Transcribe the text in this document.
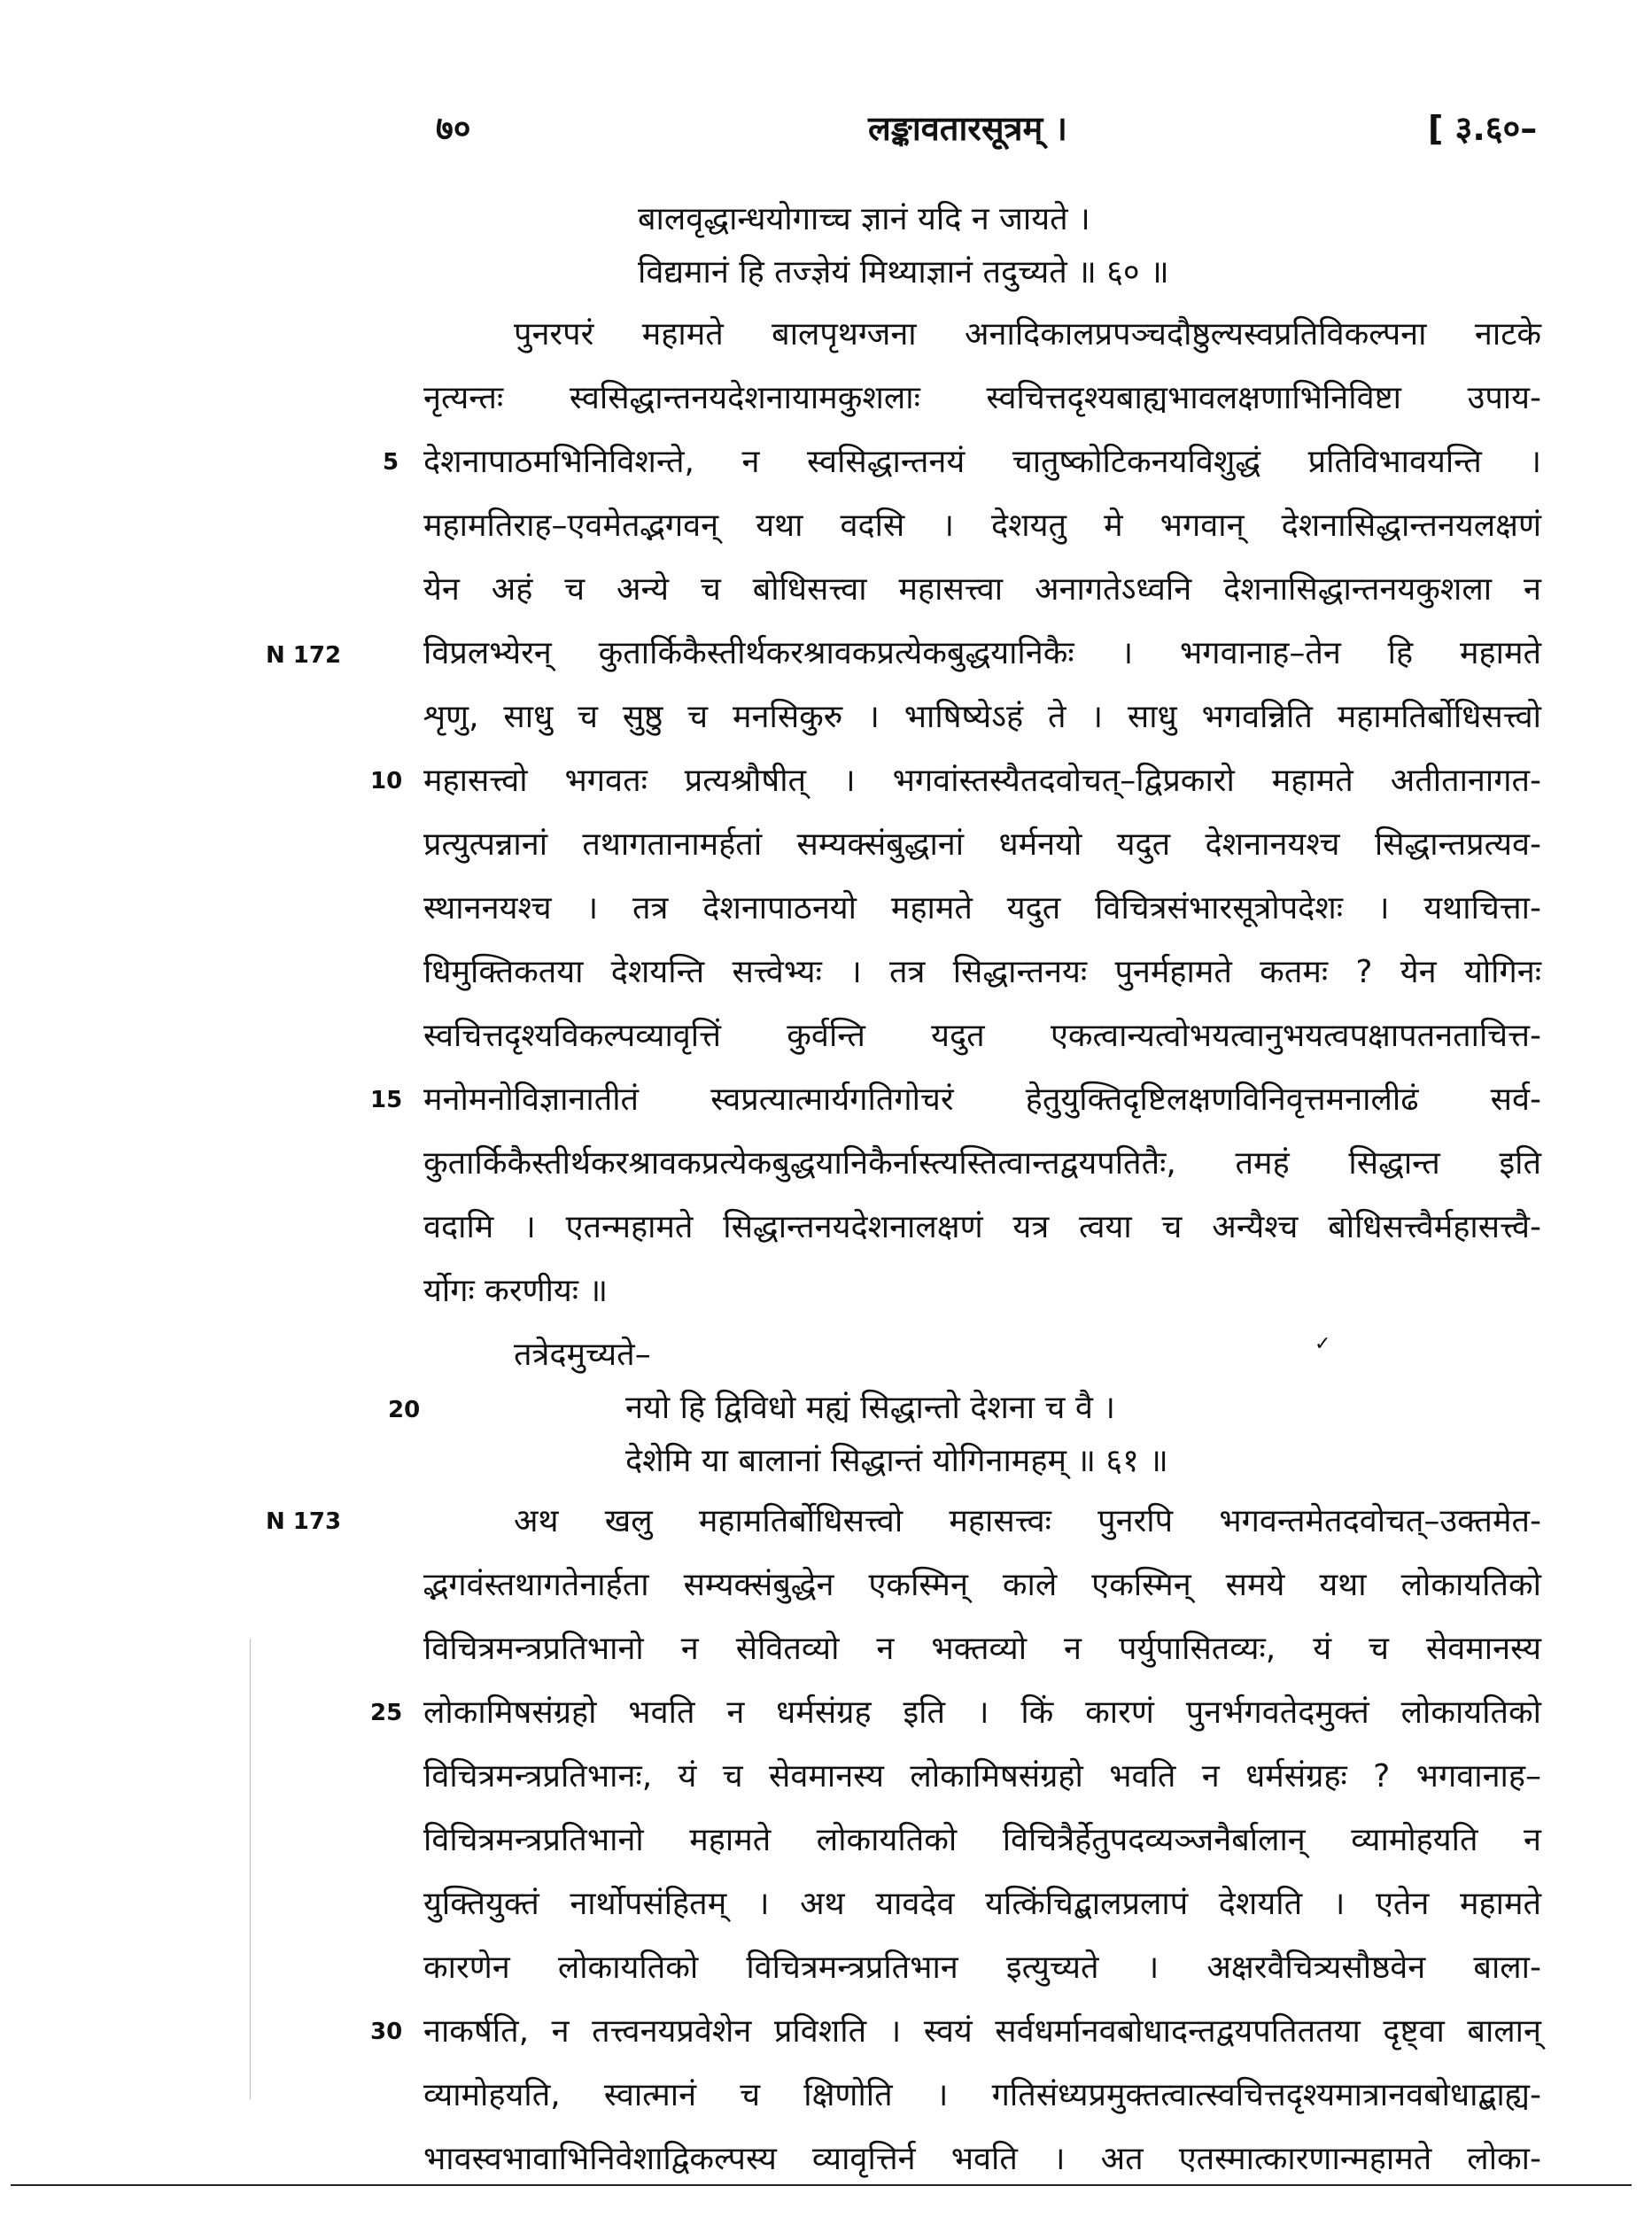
७०	लङ्कावतारसूत्रम् ।	[ ३.६०–
बालवृद्धान्धयोगाच्च ज्ञानं यदि न जायते ।
विद्यमानं हि तज्ज्ञेयं मिथ्याज्ञानं तदुच्यते ॥ ६० ॥
पुनरपरं महामते बालपृथग्जना अनादिकालप्रपञ्चदौष्ठुल्यस्वप्रतिविकल्पना नाटके
नृत्यन्तः स्वसिद्धान्तनयदेशनायामकुशलाः स्वचित्तदृश्यबाह्यभावलक्षणाभिनिविष्टा उपाय-
देशनापाठमभिनिविशन्ते, न स्वसिद्धान्तनयं चातुष्कोटिकनयविशुद्धं प्रतिविभावयन्ति ।
महामतिराह–एवमेतद्भगवन् यथा वदसि । देशयतु मे भगवान् देशनासिद्धान्तनयलक्षणं
येन अहं च अन्ये च बोधिसत्त्वा महासत्त्वा अनागतेऽध्वनि देशनासिद्धान्तनयकुशला न
विप्रलभ्येरन् कुतार्किकैस्तीर्थकरश्रावकप्रत्येकबुद्धयानिकैः । भगवानाह–तेन हि महामते
शृणु, साधु च सुष्ठु च मनसिकुरु । भाषिष्येऽहं ते । साधु भगवन्निति महामतिर्बोधिसत्त्वो
महासत्त्वो भगवतः प्रत्यश्रौषीत् । भगवांस्तस्यैतदवोचत्–द्विप्रकारो महामते अतीतानागत-
प्रत्युत्पन्नानां तथागतानामर्हतां सम्यक्संबुद्धानां धर्मनयो यदुत देशनानयश्च सिद्धान्तप्रत्यव-
स्थाननयश्च । तत्र देशनापाठनयो महामते यदुत विचित्रसंभारसूत्रोपदेशः । यथाचित्ता-
धिमुक्तिकतया देशयन्ति सत्त्वेभ्यः । तत्र सिद्धान्तनयः पुनर्महामते कतमः ? येन योगिनः
स्वचित्तदृश्यविकल्पव्यावृत्तिं कुर्वन्ति यदुत एकत्वान्यत्वोभयत्वानुभयत्वपक्षापतनताचित्त-
मनोमनोविज्ञानातीतं स्वप्रत्यात्मार्यगतिगोचरं हेतुयुक्तिदृष्टिलक्षणविनिवृत्तमनालीढं सर्व-
कुतार्किकैस्तीर्थकरश्रावकप्रत्येकबुद्धयानिकैर्नास्त्यस्तित्वान्तद्वयपतितैः, तमहं सिद्धान्त इति
वदामि । एतन्महामते सिद्धान्तनयदेशनालक्षणं यत्र त्वया च अन्यैश्च बोधिसत्त्वैर्महासत्त्वै-
र्योगः करणीयः ॥
तत्रेदमुच्यते–
नयो हि द्विविधो मह्यं सिद्धान्तो देशना च वै ।
देशेमि या बालानां सिद्धान्तं योगिनामहम् ॥ ६१ ॥
✓
अथ खलु महामतिर्बोधिसत्त्वो महासत्त्वः पुनरपि भगवन्तमेतदवोचत्–उक्तमेत-
द्भगवंस्तथागतेनार्हता सम्यक्संबुद्धेन एकस्मिन् काले एकस्मिन् समये यथा लोकायतिको
विचित्रमन्त्रप्रतिभानो न सेवितव्यो न भक्तव्यो न पर्युपासितव्यः, यं च सेवमानस्य
लोकामिषसंग्रहो भवति न धर्मसंग्रह इति । किं कारणं पुनर्भगवतेदमुक्तं लोकायतिको
विचित्रमन्त्रप्रतिभानः, यं च सेवमानस्य लोकामिषसंग्रहो भवति न धर्मसंग्रहः ? भगवानाह–
विचित्रमन्त्रप्रतिभानो महामते लोकायतिको विचित्रैर्हेतुपदव्यञ्जनैर्बालान् व्यामोहयति न
युक्तियुक्तं नार्थोपसंहितम् । अथ यावदेव यत्किंचिद्बालप्रलापं देशयति । एतेन महामते
कारणेन लोकायतिको विचित्रमन्त्रप्रतिभान इत्युच्यते । अक्षरवैचित्र्यसौष्ठवेन बाला-
नाकर्षति, न तत्त्वनयप्रवेशेन प्रविशति । स्वयं सर्वधर्मानवबोधादन्तद्वयपतिततया दृष्ट्वा बालान्
व्यामोहयति, स्वात्मानं च क्षिणोति । गतिसंध्यप्रमुक्तत्वात्स्वचित्तदृश्यमात्रानवबोधाद्बाह्य-
भावस्वभावाभिनिवेशाद्विकल्पस्य व्यावृत्तिर्न भवति । अत एतस्मात्कारणान्महामते लोका-
5
10
15
20
25
30
N 172
N 173
